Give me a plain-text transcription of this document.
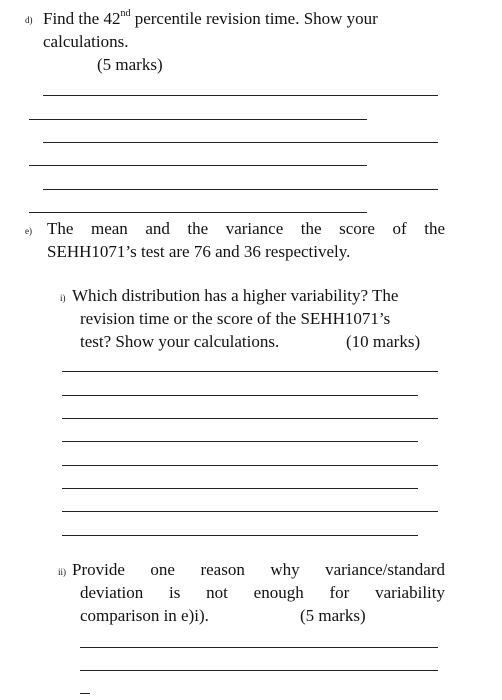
d) Find the 42nd percentile revision time. Show your
calculations.
(5 marks)
e) The mean and the variance the score of the
SEHH1071’s test are 76 and 36 respectively.
i) Which distribution has a higher variability? The
revision time or the score of the SEHH1071’s
test? Show your calculations.	(10 marks)
ii) Provide one reason why variance/standard
deviation is not enough for variability
comparison in e)i).	(5 marks)
